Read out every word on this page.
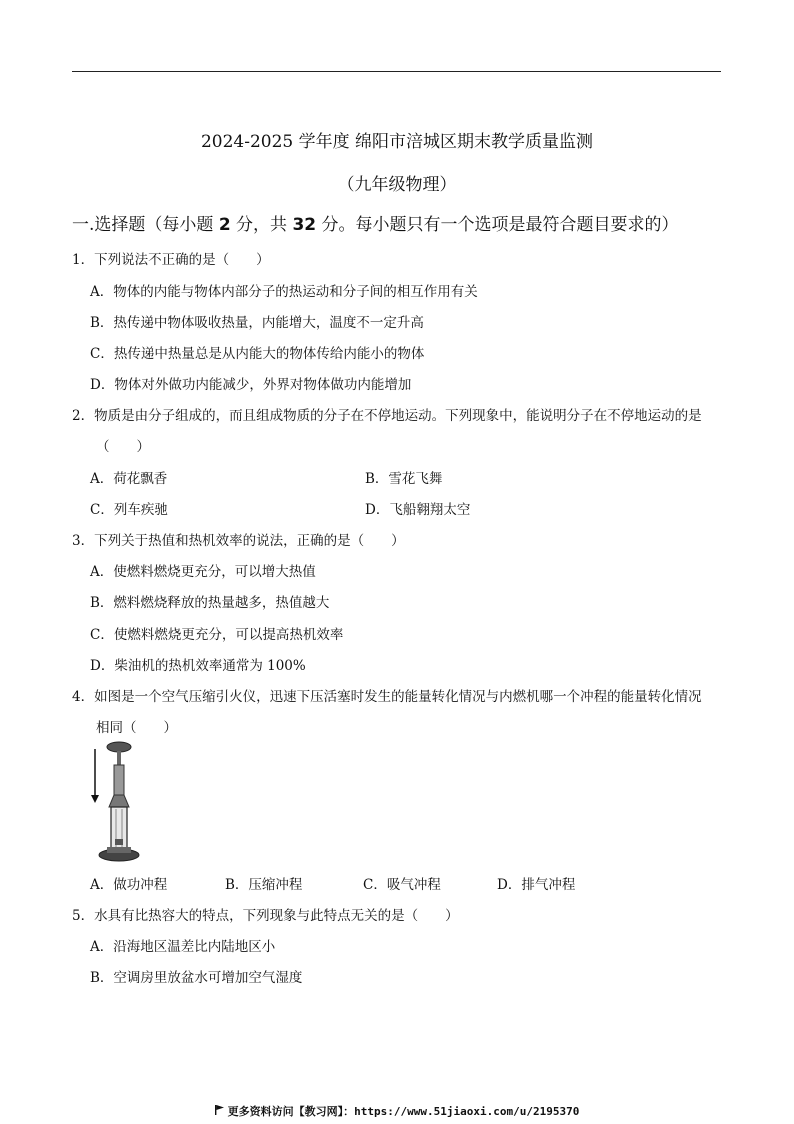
2024-2025 学年度 绵阳市涪城区期末教学质量监测
（九年级物理）
一.选择题（每小题 2 分，共 32 分。每小题只有一个选项是最符合题目要求的）
1．下列说法不正确的是（　　）
A．物体的内能与物体内部分子的热运动和分子间的相互作用有关
B．热传递中物体吸收热量，内能增大，温度不一定升高
C．热传递中热量总是从内能大的物体传给内能小的物体
D．物体对外做功内能减少，外界对物体做功内能增加
2．物质是由分子组成的，而且组成物质的分子在不停地运动。下列现象中，能说明分子在不停地运动的是
（　　）
A．荷花飘香	B．雪花飞舞
C．列车疾驰	D．飞船翱翔太空
3．下列关于热值和热机效率的说法，正确的是（　　）
A．使燃料燃烧更充分，可以增大热值
B．燃料燃烧释放的热量越多，热值越大
C．使燃料燃烧更充分，可以提高热机效率
D．柴油机的热机效率通常为 100%
4．如图是一个空气压缩引火仪，迅速下压活塞时发生的能量转化情况与内燃机哪一个冲程的能量转化情况
相同（　　）
A．做功冲程	B．压缩冲程	C．吸气冲程	D．排气冲程
5．水具有比热容大的特点，下列现象与此特点无关的是（　　）
A．沿海地区温差比内陆地区小
B．空调房里放盆水可增加空气湿度
更多资料访问【教习网】：https://www.51jiaoxi.com/u/2195370
